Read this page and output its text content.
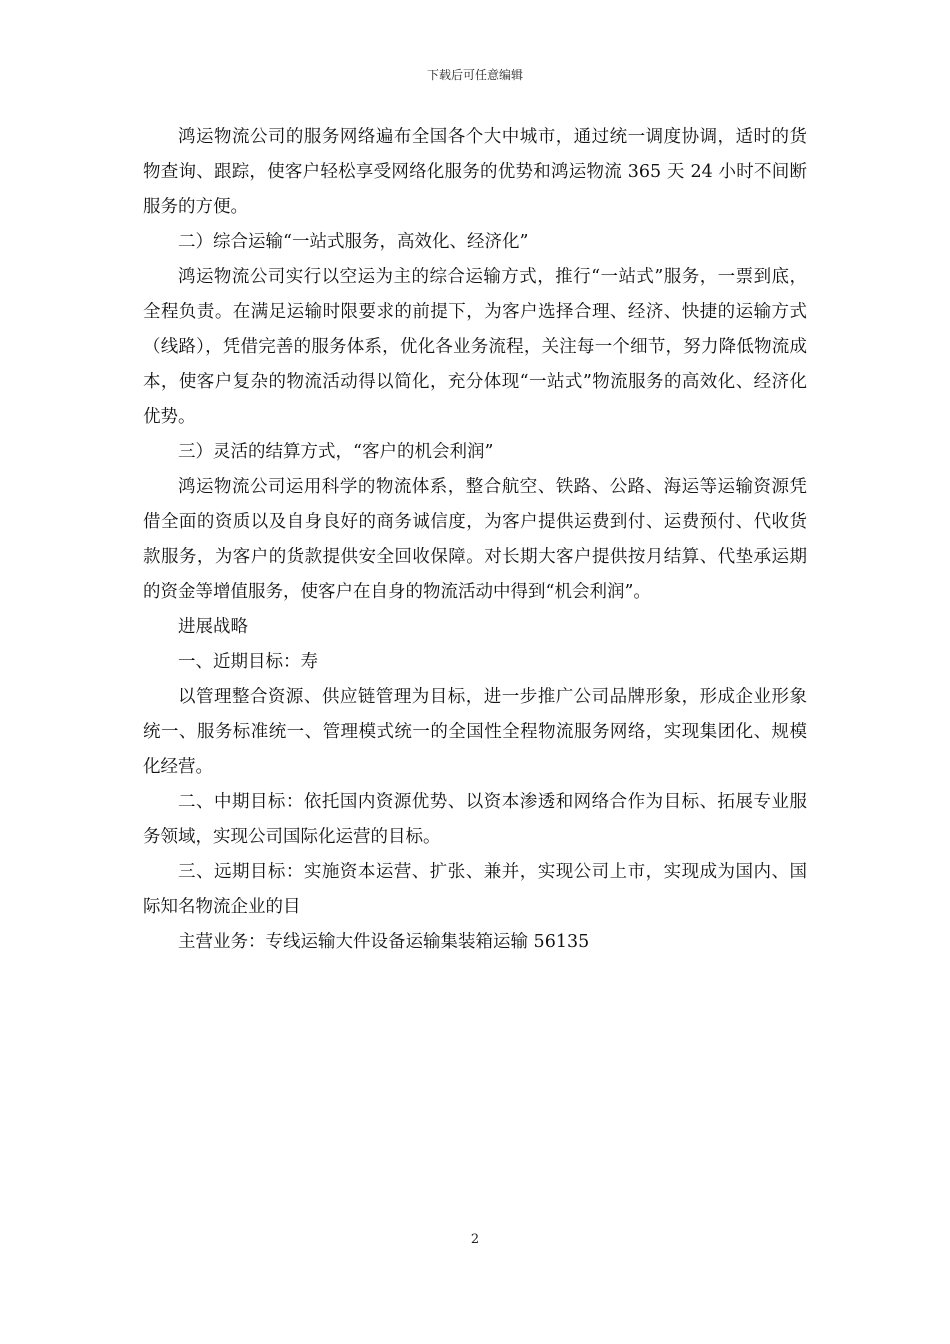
下载后可任意编辑

鸿运物流公司的服务网络遍布全国各个大中城市，通过统一调度协调，适时的货物查询、跟踪，使客户轻松享受网络化服务的优势和鸿运物流 365 天 24 小时不间断服务的方便。

二）综合运输“一站式服务，高效化、经济化”

鸿运物流公司实行以空运为主的综合运输方式，推行“一站式”服务，一票到底，全程负责。在满足运输时限要求的前提下，为客户选择合理、经济、快捷的运输方式（线路），凭借完善的服务体系，优化各业务流程，关注每一个细节，努力降低物流成本，使客户复杂的物流活动得以简化，充分体现“一站式”物流服务的高效化、经济化优势。

三）灵活的结算方式，“客户的机会利润”

鸿运物流公司运用科学的物流体系，整合航空、铁路、公路、海运等运输资源凭借全面的资质以及自身良好的商务诚信度，为客户提供运费到付、运费预付、代收货款服务，为客户的货款提供安全回收保障。对长期大客户提供按月结算、代垫承运期的资金等增值服务，使客户在自身的物流活动中得到“机会利润”。

进展战略

一、近期目标：寿

以管理整合资源、供应链管理为目标，进一步推广公司品牌形象，形成企业形象统一、服务标准统一、管理模式统一的全国性全程物流服务网络，实现集团化、规模化经营。

二、中期目标：依托国内资源优势、以资本渗透和网络合作为目标、拓展专业服务领域，实现公司国际化运营的目标。

三、远期目标：实施资本运营、扩张、兼并，实现公司上市，实现成为国内、国际知名物流企业的目

主营业务：专线运输大件设备运输集装箱运输 56135

2
